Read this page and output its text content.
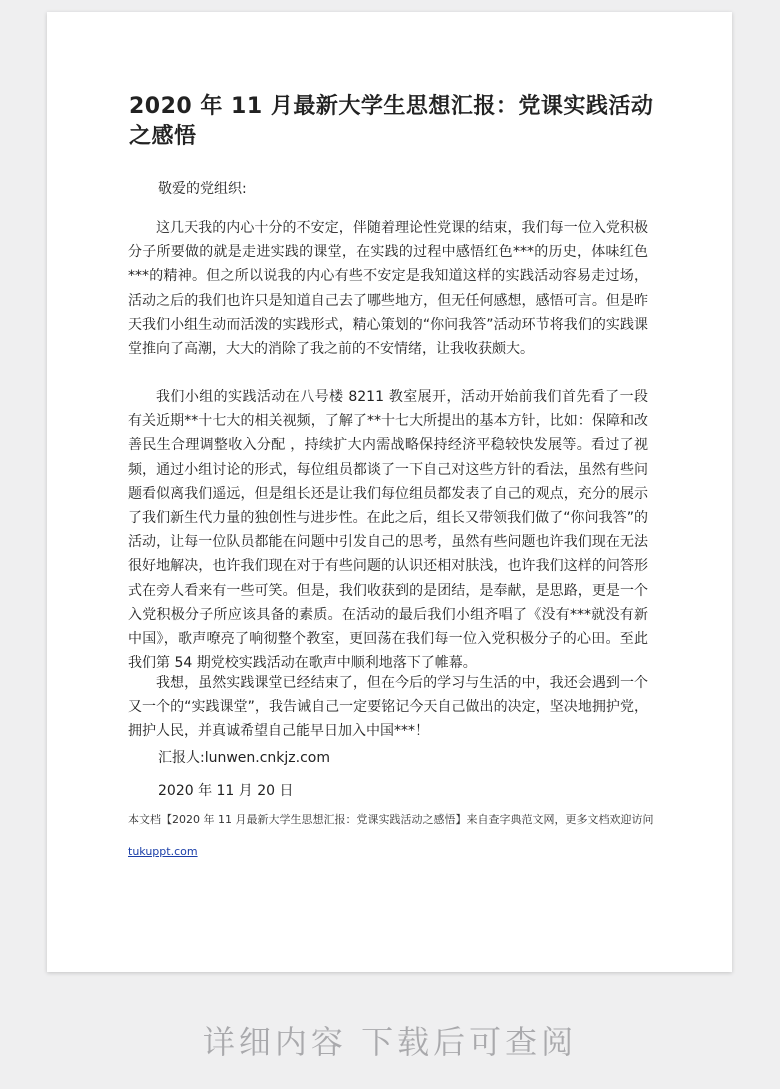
2020 年 11 月最新大学生思想汇报：党课实践活动之感悟

敬爱的党组织:

这几天我的内心十分的不安定，伴随着理论性党课的结束，我们每一位入党积极分子所要做的就是走进实践的课堂，在实践的过程中感悟红色***的历史，体味红色***的精神。但之所以说我的内心有些不安定是我知道这样的实践活动容易走过场，活动之后的我们也许只是知道自己去了哪些地方，但无任何感想，感悟可言。但是昨天我们小组生动而活泼的实践形式，精心策划的“你问我答”活动环节将我们的实践课堂推向了高潮，大大的消除了我之前的不安情绪，让我收获颇大。

我们小组的实践活动在八号楼 8211 教室展开，活动开始前我们首先看了一段有关近期**十七大的相关视频，了解了**十七大所提出的基本方针，比如：保障和改善民生合理调整收入分配 ，持续扩大内需战略保持经济平稳较快发展等。看过了视频，通过小组讨论的形式，每位组员都谈了一下自己对这些方针的看法，虽然有些问题看似离我们遥远，但是组长还是让我们每位组员都发表了自己的观点，充分的展示了我们新生代力量的独创性与进步性。在此之后，组长又带领我们做了“你问我答”的活动，让每一位队员都能在问题中引发自己的思考，虽然有些问题也许我们现在无法很好地解决，也许我们现在对于有些问题的认识还相对肤浅，也许我们这样的问答形式在旁人看来有一些可笑。但是，我们收获到的是团结，是奉献，是思路，更是一个入党积极分子所应该具备的素质。在活动的最后我们小组齐唱了《没有***就没有新中国》，歌声嘹亮了响彻整个教室，更回荡在我们每一位入党积极分子的心田。至此我们第 54 期党校实践活动在歌声中顺利地落下了帷幕。

我想，虽然实践课堂已经结束了，但在今后的学习与生活的中，我还会遇到一个又一个的“实践课堂”，我告诫自己一定要铭记今天自己做出的决定，坚决地拥护党，拥护人民，并真诚希望自己能早日加入中国***！

汇报人:lunwen.cnkjz.com

2020 年 11 月 20 日

本文档【2020 年 11 月最新大学生思想汇报：党课实践活动之感悟】来自查字典范文网，更多文档欢迎访问

tukuppt.com
详细内容 下载后可查阅
